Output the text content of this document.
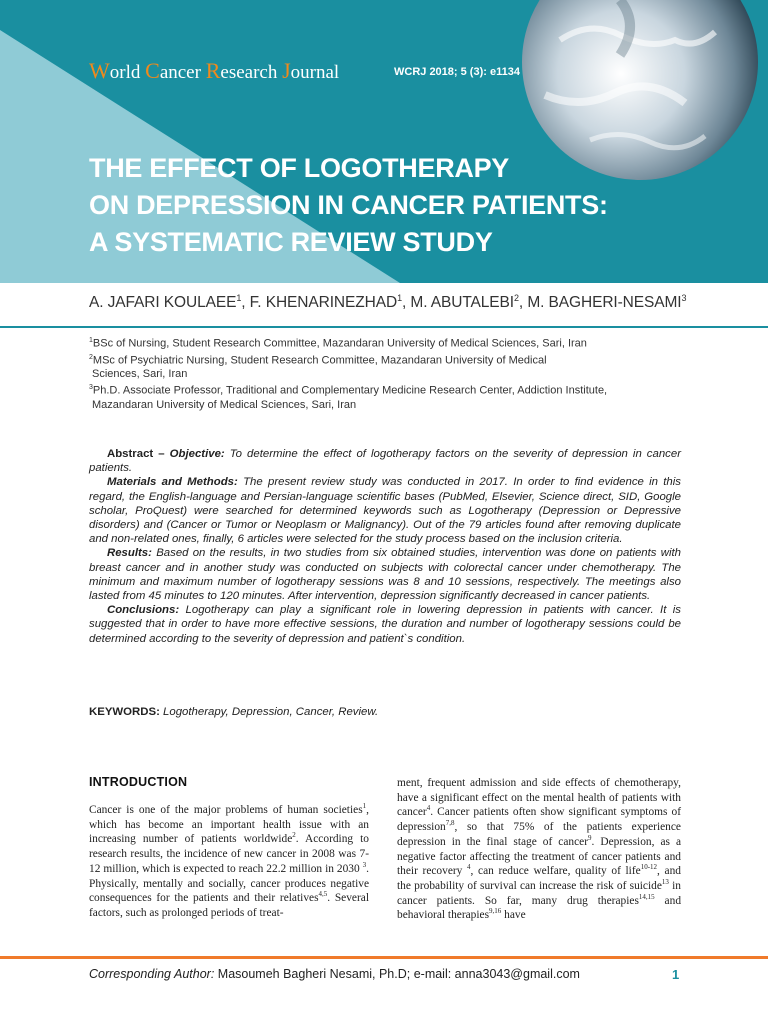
World Cancer Research Journal	WCRJ 2018; 5 (3): e1134
THE EFFECT OF LOGOTHERAPY
ON DEPRESSION IN CANCER PATIENTS:
A SYSTEMATIC REVIEW STUDY
A. JAFARI KOULAEE$^1$, F. KHENARINEZHAD$^1$, M. ABUTALEBI$^2$, M. BAGHERI-NESAMI$^3$
$^1$BSc of Nursing, Student Research Committee, Mazandaran University of Medical Sciences, Sari, Iran
$^2$MSc of Psychiatric Nursing, Student Research Committee, Mazandaran University of Medical
Sciences, Sari, Iran
$^3$Ph.D. Associate Professor, Traditional and Complementary Medicine Research Center, Addiction Institute,
Mazandaran University of Medical Sciences, Sari, Iran

Abstract – Objective: To determine the effect of logotherapy factors on the severity of depression in cancer patients.

Materials and Methods: The present review study was conducted in 2017. In order to find evidence in this regard, the English-language and Persian-language scientific bases (PubMed, Elsevier, Science direct, SID, Google scholar, ProQuest) were searched for determined keywords such as Logotherapy (Depression or Depressive disorders) and (Cancer or Tumor or Neoplasm or Malignancy). Out of the 79 articles found after removing duplicate and non-related ones, finally, 6 articles were selected for the study process based on the inclusion criteria.

Results: Based on the results, in two studies from six obtained studies, intervention was done on patients with breast cancer and in another study was conducted on subjects with colorectal cancer under chemotherapy. The minimum and maximum number of logotherapy sessions was 8 and 10 sessions, respectively. The meetings also lasted from 45 minutes to 120 minutes. After intervention, depression significantly decreased in cancer patients.

Conclusions: Logotherapy can play a significant role in lowering depression in patients with cancer. It is suggested that in order to have more effective sessions, the duration and number of logotherapy sessions could be determined according to the severity of depression and patient`s condition.

KEYWORDS: Logotherapy, Depression, Cancer, Review.
INTRODUCTION
Cancer is one of the major problems of human societies$^1$, which has become an important health issue with an increasing number of patients worldwide$^2$. According to research results, the incidence of new cancer in 2008 was 7-12 million, which is expected to reach 22.2 million in 2030 $^3$. Physically, mentally and socially, cancer produces negative consequences for the patients and their relatives$^{4,5}$. Several factors, such as prolonged periods of treat-
ment, frequent admission and side effects of chemotherapy, have a significant effect on the mental health of patients with cancer$^4$. Cancer patients often show significant symptoms of depression$^{7,8}$, so that 75% of the patients experience depression in the final stage of cancer$^9$. Depression, as a negative factor affecting the treatment of cancer patients and their recovery $^4$, can reduce welfare, quality of life$^{10-12}$, and the probability of survival can increase the risk of suicide$^{13}$ in cancer patients. So far, many drug therapies$^{14,15}$ and behavioral therapies$^{9,16}$ have
Corresponding Author: Masoumeh Bagheri Nesami, Ph.D; e-mail: anna3043@gmail.com	1
